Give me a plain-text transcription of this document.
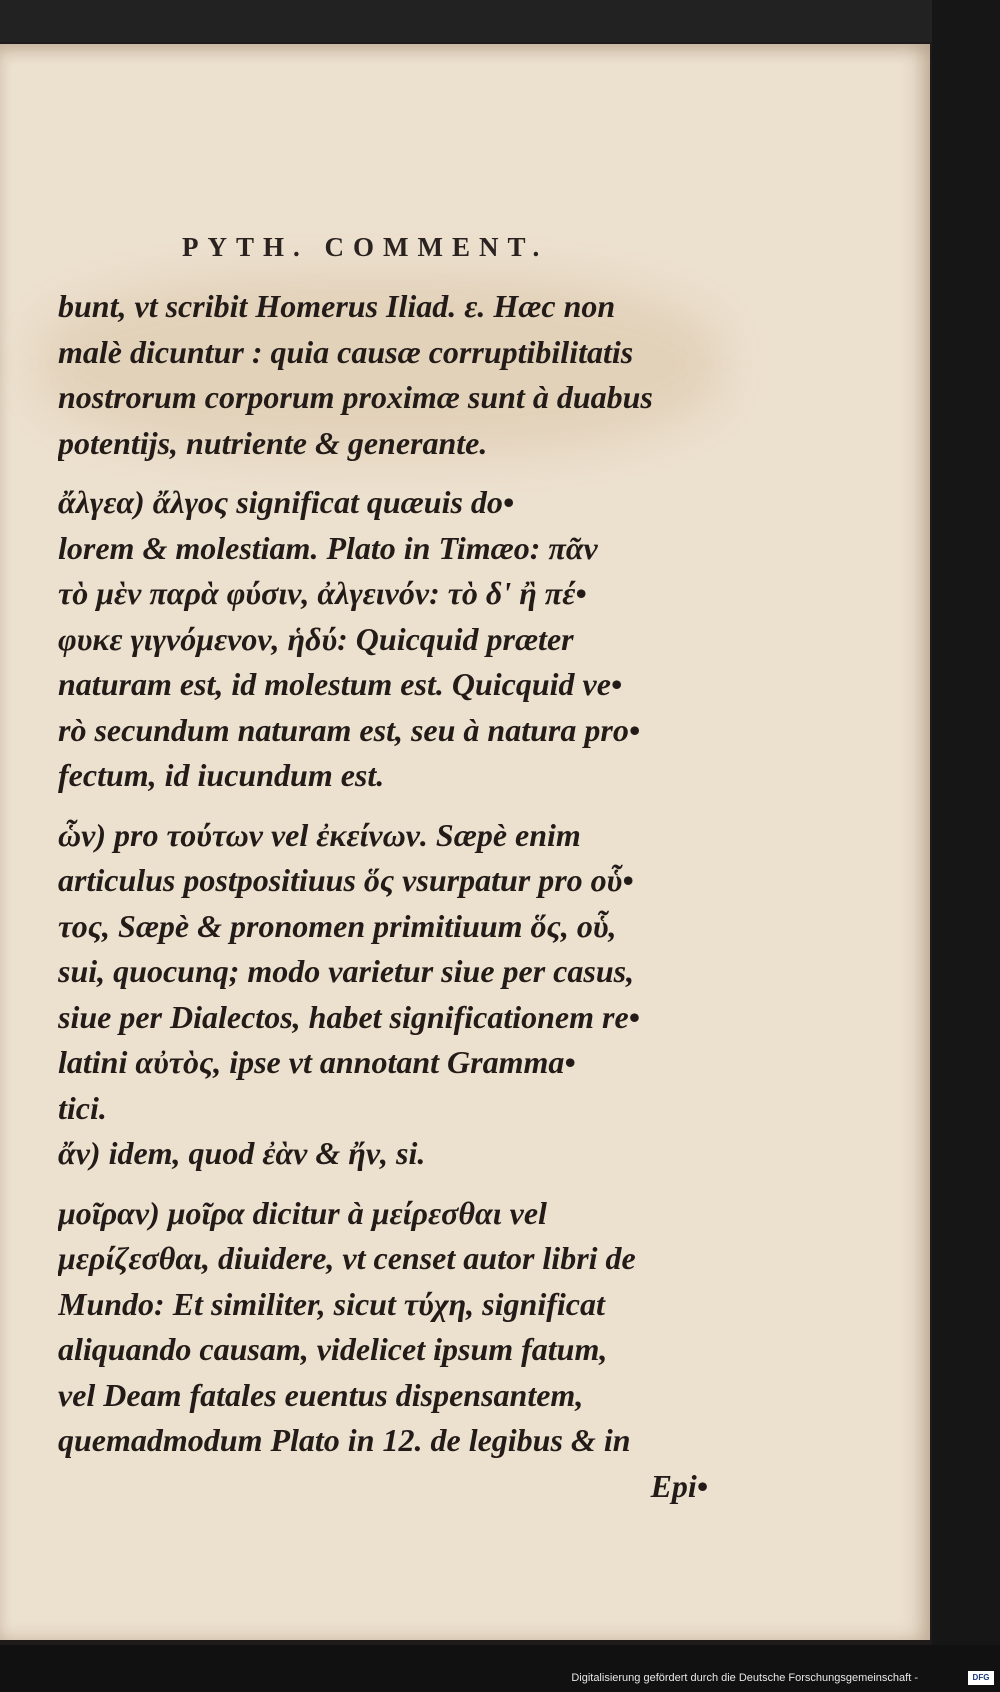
PYTH. COMMENT.
bunt, vt scribit Homerus Iliad. ε. Hæc non
malè dicuntur : quia causæ corruptibilitatis
nostrorum corporum proximæ sunt à duabus
potentijs, nutriente & generante.
ἄλγεα) ἄλγος significat quæuis do•
lorem & molestiam. Plato in Timæo: πᾶν
τὸ μὲν παρὰ φύσιν, ἀλγεινόν: τὸ δ' ἢ πέ•
φυκε γιγνόμενον, ἡδύ: Quicquid præter
naturam est, id molestum est. Quicquid ve•
rò secundum naturam est, seu à natura pro•
fectum, id iucundum est.
ὧν) pro τούτων vel ἐκείνων. Sæpè enim
articulus postpositiuus ὅς vsurpatur pro οὗ•
τος, Sæpè & pronomen primitiuum ὅς, οὗ,
sui, quocunq; modo varietur siue per casus,
siue per Dialectos, habet significationem re•
latini αὐτὸς, ipse vt annotant Gramma•
tici.
ἄν) idem, quod ἐὰν & ἤν, si.
μοῖραν) μοῖρα dicitur à μείρεσθαι vel
μερίζεσθαι, diuidere, vt censet autor libri de
Mundo: Et similiter, sicut τύχη, significat
aliquando causam, videlicet ipsum fatum,
vel Deam fatales euentus dispensantem,
quemadmodum Plato in 12. de legibus & in
Epi•
Digitalisierung gefördert durch die Deutsche Forschungsgemeinschaft -	DFG
